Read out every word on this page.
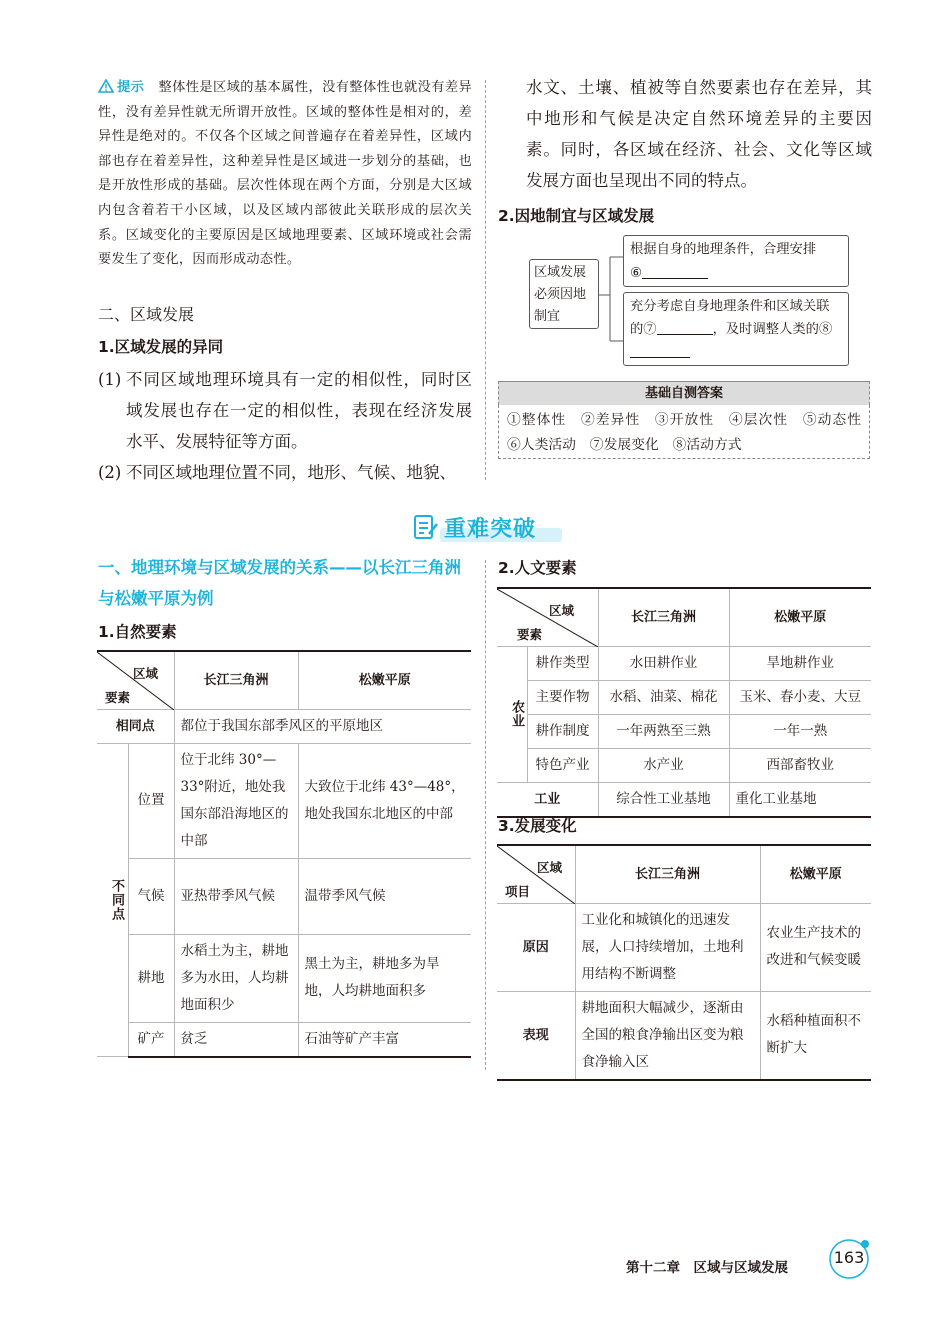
提示 整体性是区域的基本属性，没有整体性也就没有差异性，没有差异性就无所谓开放性。区域的整体性是相对的，差异性是绝对的。不仅各个区域之间普遍存在着差异性，区域内部也存在着差异性，这种差异性是区域进一步划分的基础，也是开放性形成的基础。层次性体现在两个方面，分别是大区域内包含着若干小区域，以及区域内部彼此关联形成的层次关系。区域变化的主要原因是区域地理要素、区域环境或社会需要发生了变化，因而形成动态性。
二、区域发展
1.区域发展的异同
(1) 不同区域地理环境具有一定的相似性，同时区域发展也存在一定的相似性，表现在经济发展水平、发展特征等方面。
(2) 不同区域地理位置不同，地形、气候、地貌、
水文、土壤、植被等自然要素也存在差异，其中地形和气候是决定自然环境差异的主要因素。同时，各区域在经济、社会、文化等区域发展方面也呈现出不同的特点。
2.因地制宜与区域发展
区域发展必须因地制宜
根据自身的地理条件，合理安排
⑥
充分考虑自身地理条件和区域关联的⑦	，及时调整人类的⑧
基础自测答案
①整体性　②差异性　③开放性　④层次性　⑤动态性　⑥人类活动　⑦发展变化　⑧活动方式
重难突破
一、地理环境与区域发展的关系——以长江三角洲与松嫩平原为例
1.自然要素
区域
要素		长江三角洲	松嫩平原
相同点		都位于我国东部季风区的平原地区	

不同点	位置	位于北纬 30°—33°附近，地处我国东部沿海地区的中部	大致位于北纬 43°—48°，地处我国东北地区的中部
	气候	亚热带季风气候	温带季风气候
	耕地	水稻土为主，耕地多为水田，人均耕地面积少	黑土为主，耕地多为旱地，人均耕地面积多
	矿产	贫乏	石油等矿产丰富
2.人文要素
区域
要素		长江三角洲	松嫩平原

农业	耕作类型	水田耕作业	旱地耕作业
	主要作物	水稻、油菜、棉花	玉米、春小麦、大豆
	耕作制度	一年两熟至三熟	一年一熟
	特色产业	水产业	西部畜牧业
工业		综合性工业基地	重化工业基地
3.发展变化
区域
项目	长江三角洲	松嫩平原
原因	工业化和城镇化的迅速发展，人口持续增加，土地利用结构不断调整	农业生产技术的改进和气候变暖
表现	耕地面积大幅减少，逐渐由全国的粮食净输出区变为粮食净输入区	水稻种植面积不断扩大
第十二章　区域与区域发展
163
